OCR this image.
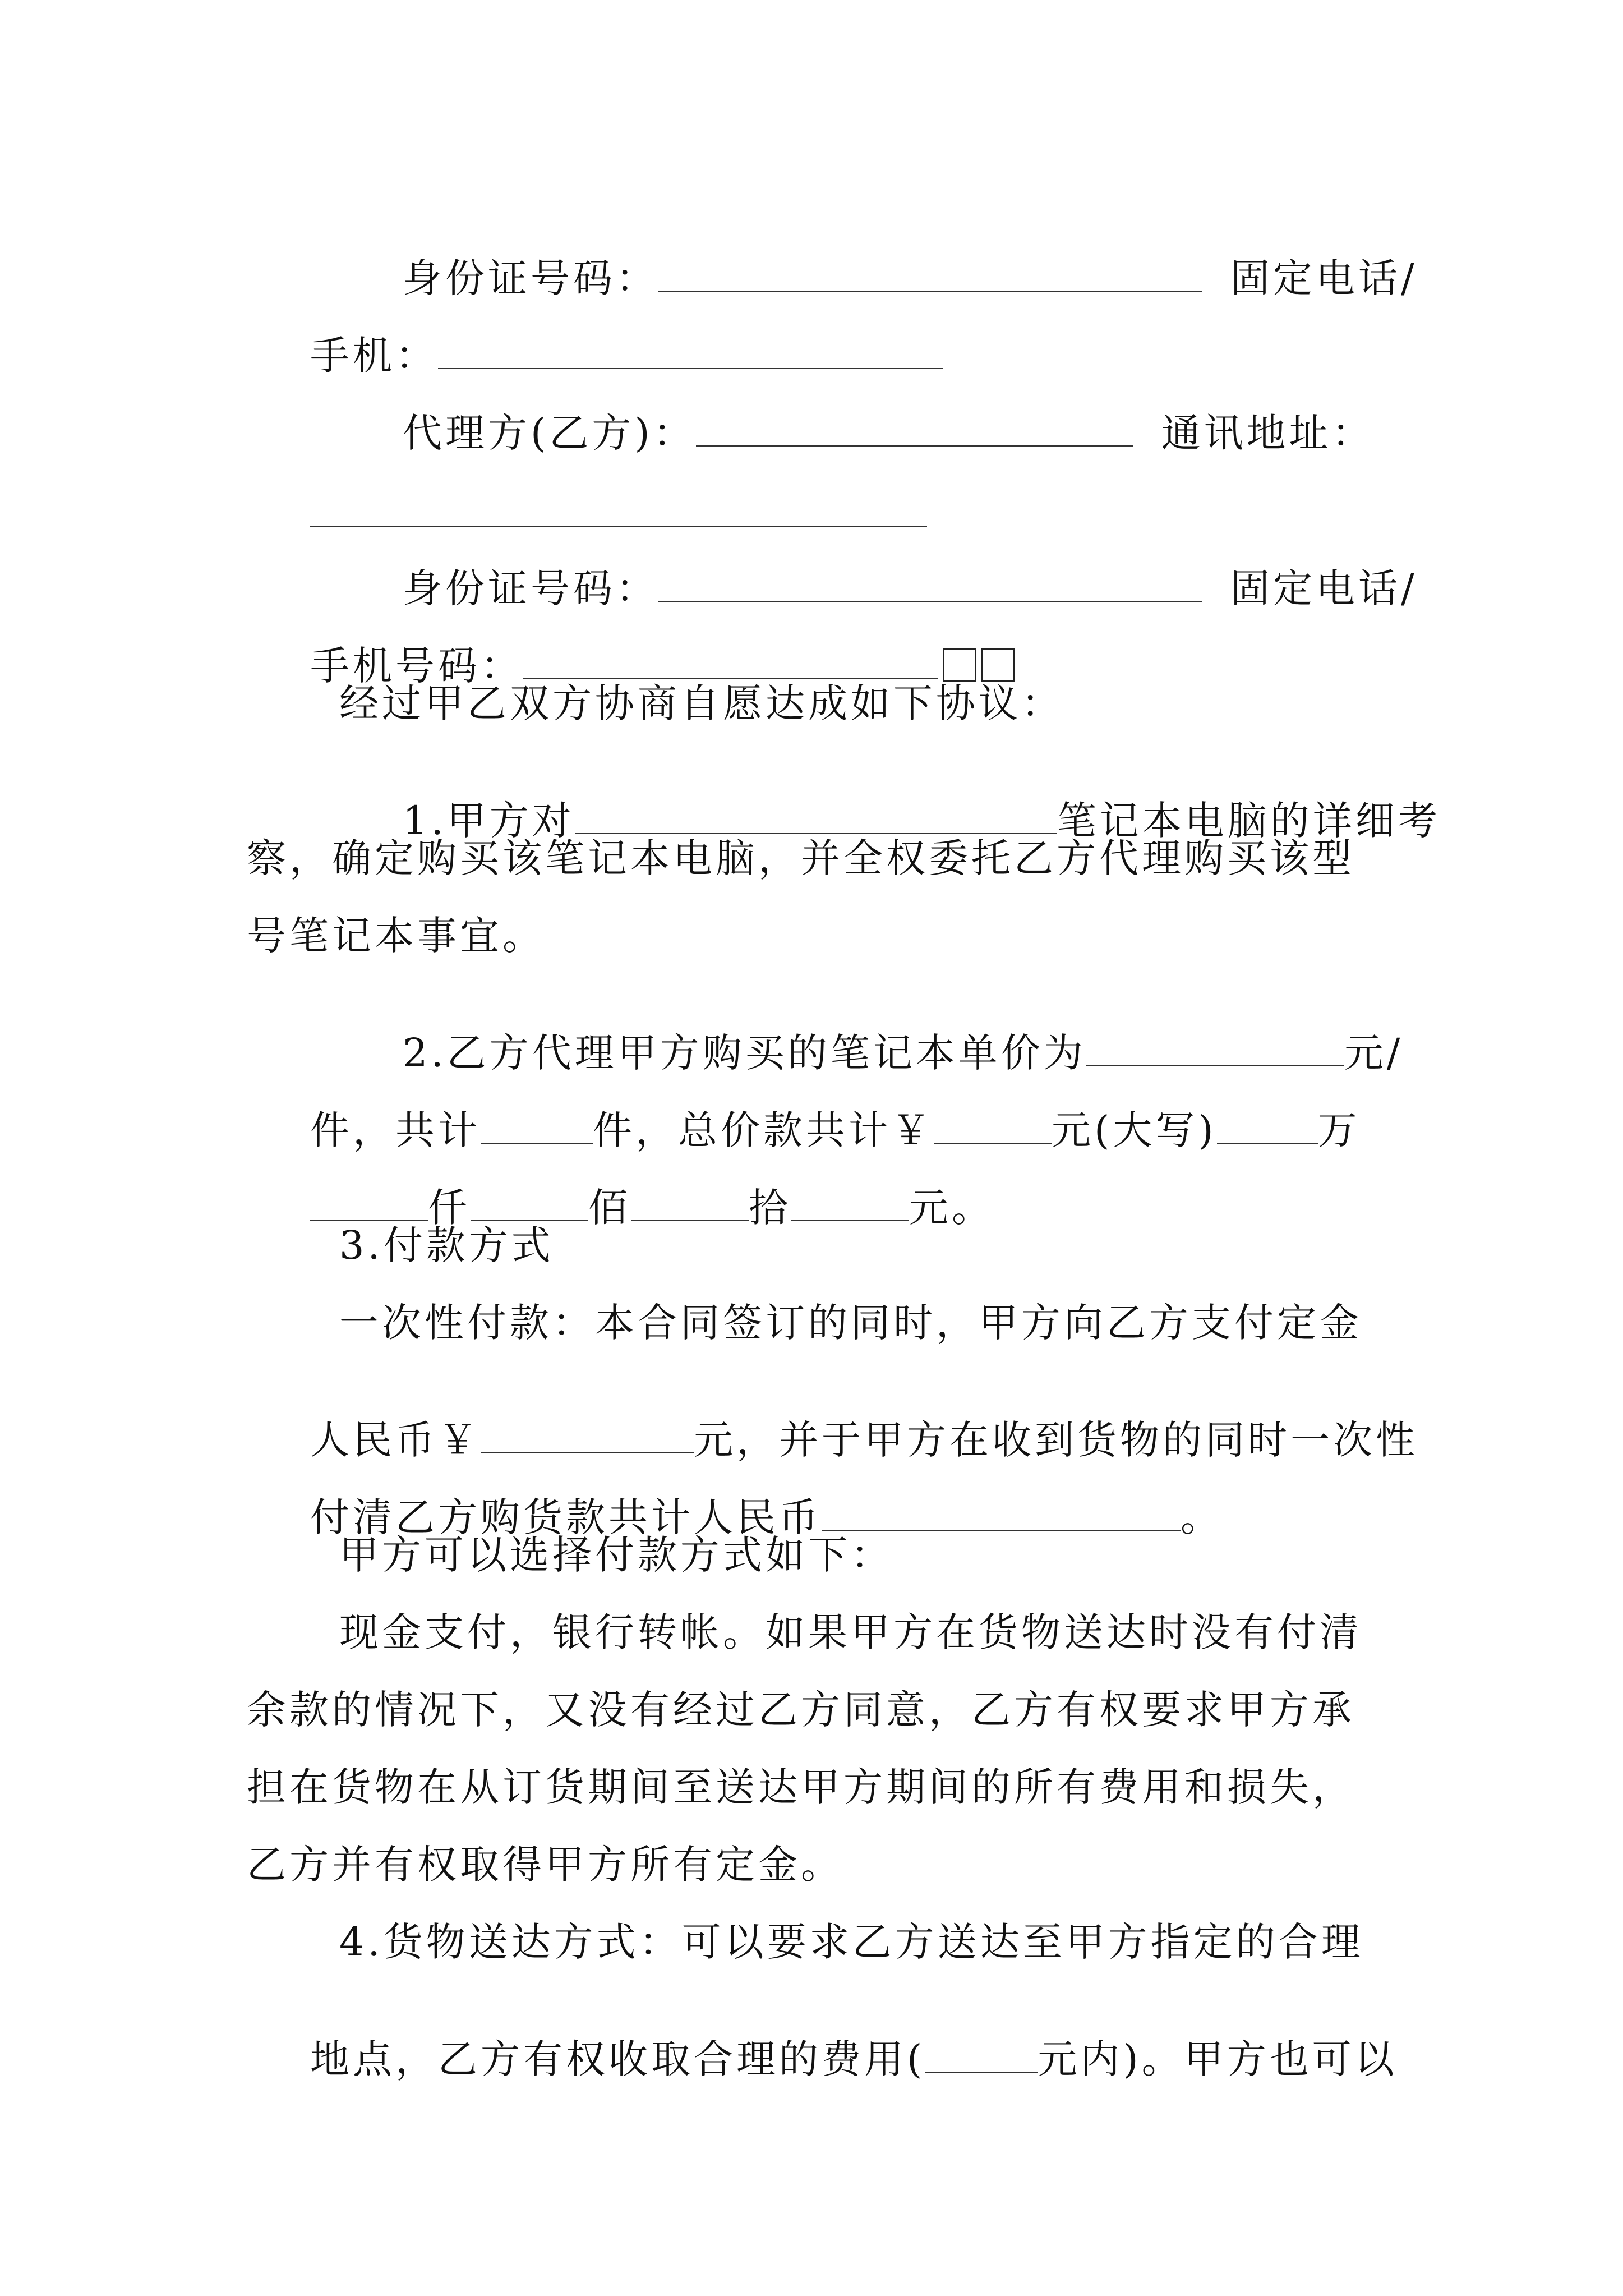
身份证号码：	固定电话/

手机：

代理方(乙方)：	通讯地址：

身份证号码：	固定电话/

手机号码：

经过甲乙双方协商自愿达成如下协议：

1.甲方对	笔记本电脑的详细考

察，确定购买该笔记本电脑，并全权委托乙方代理购买该型
号笔记本事宜。

2.乙方代理甲方购买的笔记本单价为	元/

件，共计	件，总价款共计￥	元(大写)	万

仟	佰	拾	元。

3.付款方式
一次性付款：本合同签订的同时，甲方向乙方支付定金

人民币￥	元，并于甲方在收到货物的同时一次性

付清乙方购货款共计人民币	。

甲方可以选择付款方式如下：
现金支付，银行转帐。如果甲方在货物送达时没有付清
余款的情况下，又没有经过乙方同意，乙方有权要求甲方承
担在货物在从订货期间至送达甲方期间的所有费用和损失，
乙方并有权取得甲方所有定金。
4.货物送达方式：可以要求乙方送达至甲方指定的合理

地点，乙方有权收取合理的费用(	元内)。甲方也可以
